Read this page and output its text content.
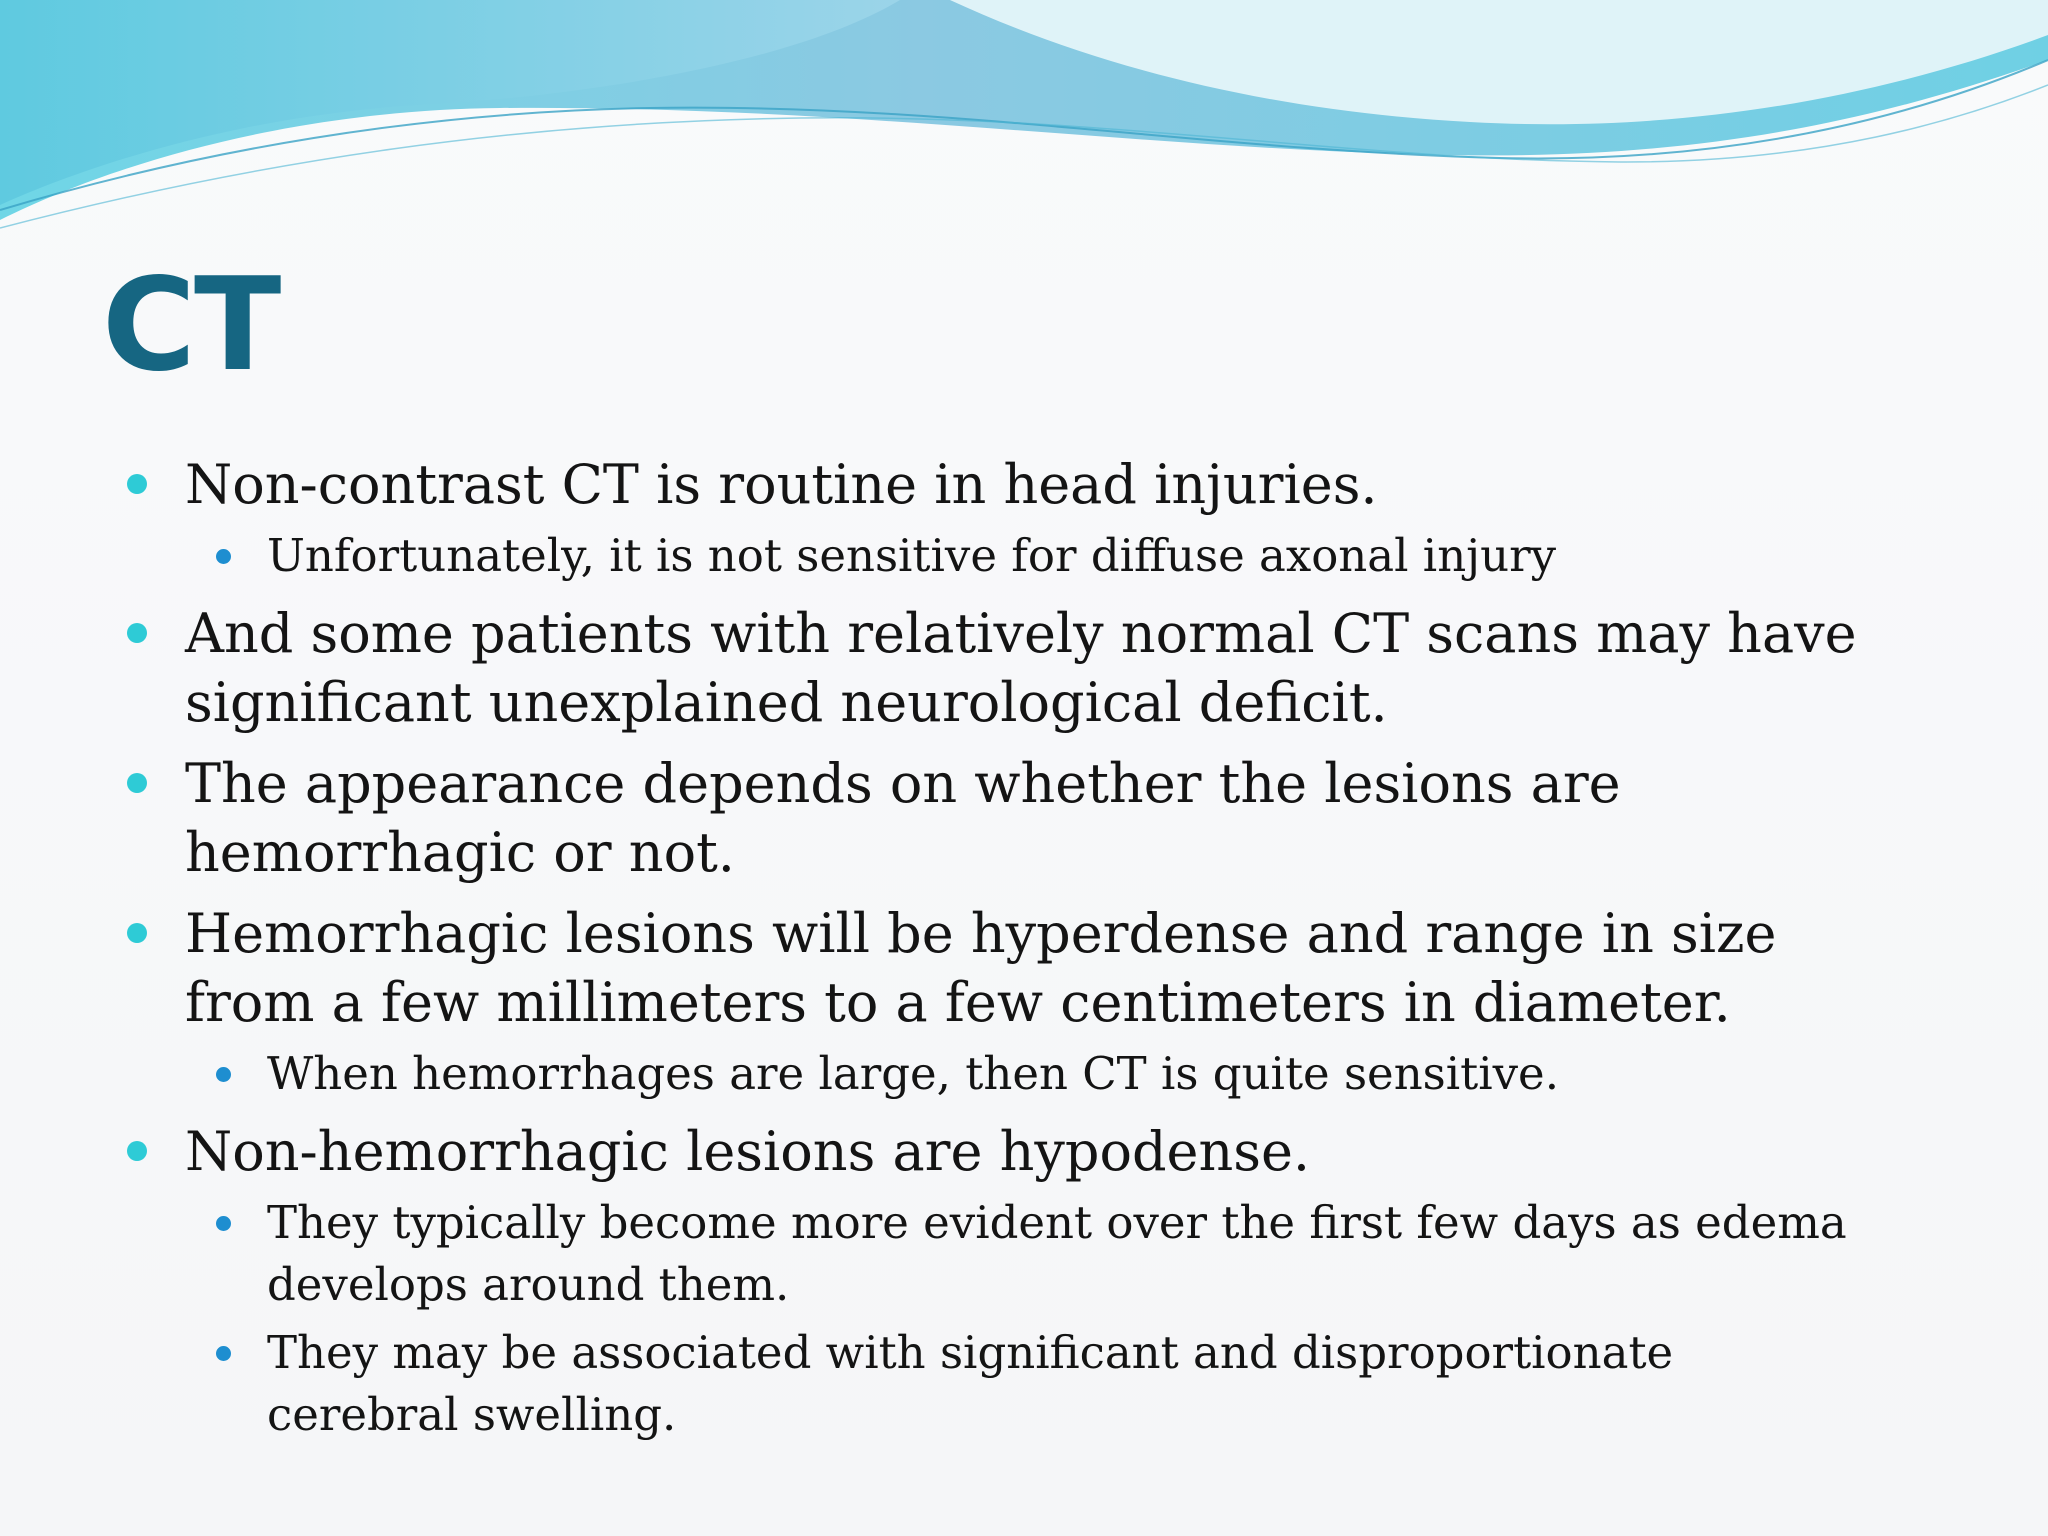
CT
Non-contrast CT is routine in head injuries.
Unfortunately, it is not sensitive for diffuse axonal injury
And some patients with relatively normal CT scans may have significant unexplained neurological deficit.
The appearance depends on whether the lesions are hemorrhagic or not.
Hemorrhagic lesions will be hyperdense and range in size from a few millimeters to a few centimeters in diameter.
When hemorrhages are large, then CT is quite sensitive.
Non-hemorrhagic lesions are hypodense.
They typically become more evident over the first few days as edema develops around them.
They may be associated with significant and disproportionate cerebral swelling.
